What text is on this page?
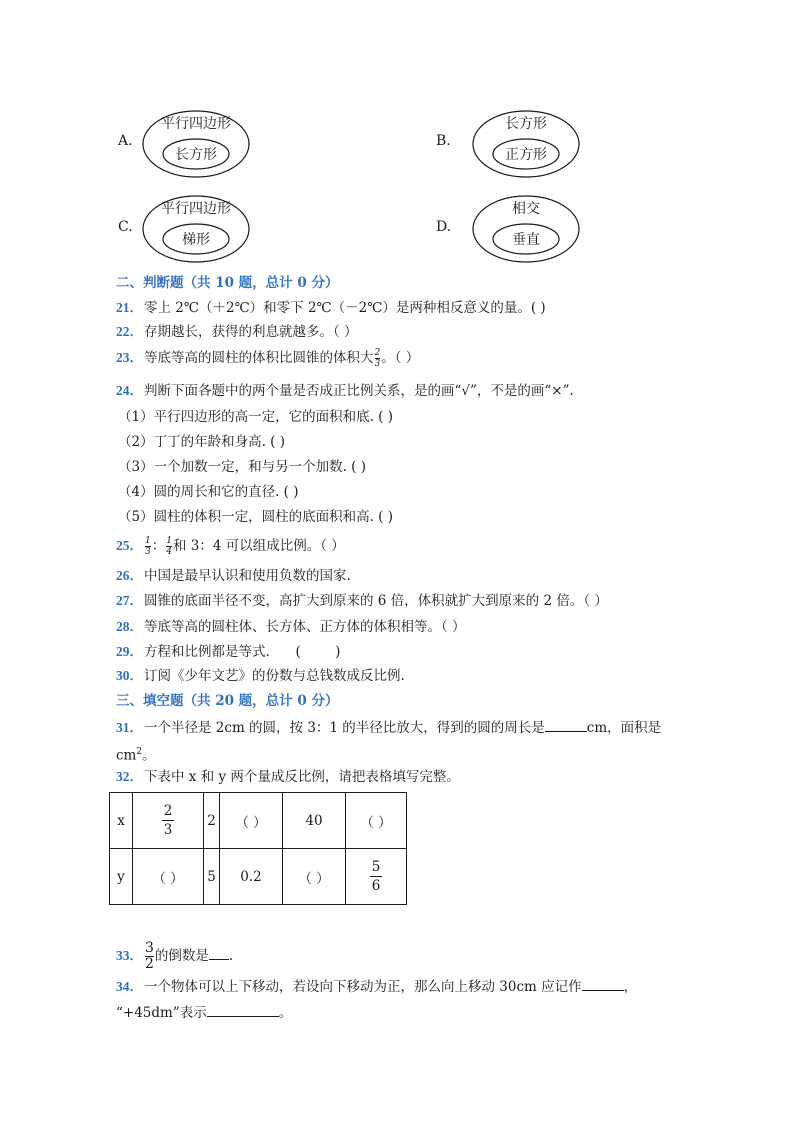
A.
平行四边形
长方形
B.
长方形
正方形
C.
平行四边形
梯形
D.
相交
垂直
二、判断题（共 10 题，总计 0 分）
21．零上 2℃（＋2℃）和零下 2℃（－2℃）是两种相反意义的量。( )
22．存期越长，获得的利息就越多。（ ）
23．等底等高的圆柱的体积比圆锥的体积大 $\frac{2}{3}$ 。（ ）
24．判断下面各题中的两个量是否成正比例关系，是的画“√”，不是的画“×”.
（1）平行四边形的高一定，它的面积和底. ( )
（2）丁丁的年龄和身高. ( )
（3）一个加数一定，和与另一个加数. ( )
（4）圆的周长和它的直径. ( )
（5）圆柱的体积一定，圆柱的底面积和高. ( )
25． $\frac{1}{3}$ ： $\frac{1}{4}$ 和 3：4 可以组成比例。（ ）
26．中国是最早认识和使用负数的国家.
27．圆锥的底面半径不变，高扩大到原来的 6 倍，体积就扩大到原来的 2 倍。（ ）
28．等底等高的圆柱体、长方体、正方体的体积相等。（ ）
29．方程和比例都是等式.      (        )
30．订阅《少年文艺》的份数与总钱数成反比例.
三、填空题（共 20 题，总计 0 分）
31．一个半径是 2cm 的圆，按 3：1 的半径比放大，得到的圆的周长是	cm，面积是
$cm^2$。
32．下表中 x 和 y 两个量成反比例，请把表格填写完整。
x	$\frac{2}{3}$	2	（ ）	40	（ ）
y	（ ）	5	0.2	（ ）	$\frac{5}{6}$
33． $\frac{3}{2}$ 的倒数是 .
34．一个物体可以上下移动，若设向下移动为正，那么向上移动 30cm 应记作	，
“+45dm”表示	。
